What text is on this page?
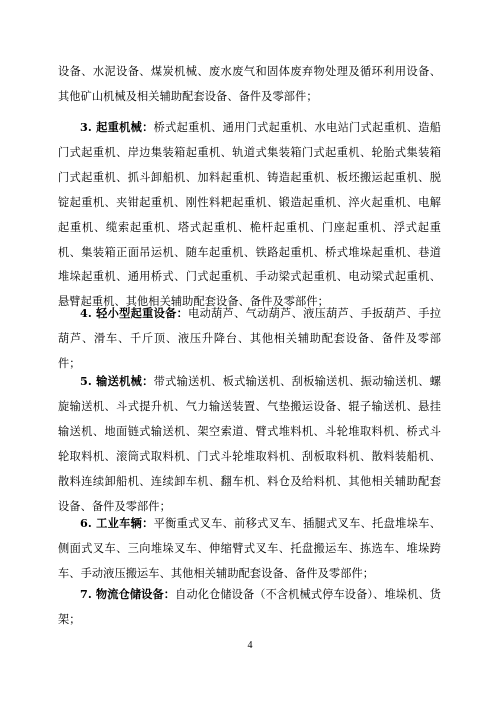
设备、水泥设备、煤炭机械、废水废气和固体废弃物处理及循环利用设备、其他矿山机械及相关辅助配套设备、备件及零部件；

3. 起重机械：桥式起重机、通用门式起重机、水电站门式起重机、造船门式起重机、岸边集装箱起重机、轨道式集装箱门式起重机、轮胎式集装箱门式起重机、抓斗卸船机、加料起重机、铸造起重机、板坯搬运起重机、脱锭起重机、夹钳起重机、刚性料耙起重机、锻造起重机、淬火起重机、电解起重机、缆索起重机、塔式起重机、桅杆起重机、门座起重机、浮式起重机、集装箱正面吊运机、随车起重机、铁路起重机、桥式堆垛起重机、巷道堆垛起重机、通用桥式、门式起重机、手动梁式起重机、电动梁式起重机、悬臂起重机、其他相关辅助配套设备、备件及零部件；

4. 轻小型起重设备：电动葫芦、气动葫芦、液压葫芦、手扳葫芦、手拉葫芦、滑车、千斤顶、液压升降台、其他相关辅助配套设备、备件及零部件；

5. 输送机械：带式输送机、板式输送机、刮板输送机、振动输送机、螺旋输送机、斗式提升机、气力输送装置、气垫搬运设备、辊子输送机、悬挂输送机、地面链式输送机、架空索道、臂式堆料机、斗轮堆取料机、桥式斗轮取料机、滚筒式取料机、门式斗轮堆取料机、刮板取料机、散料装船机、散料连续卸船机、连续卸车机、翻车机、料仓及给料机、其他相关辅助配套设备、备件及零部件；

6. 工业车辆：平衡重式叉车、前移式叉车、插腿式叉车、托盘堆垛车、侧面式叉车、三向堆垛叉车、伸缩臂式叉车、托盘搬运车、拣选车、堆垛跨车、手动液压搬运车、其他相关辅助配套设备、备件及零部件；

7. 物流仓储设备：自动化仓储设备（不含机械式停车设备）、堆垛机、货架；

4
